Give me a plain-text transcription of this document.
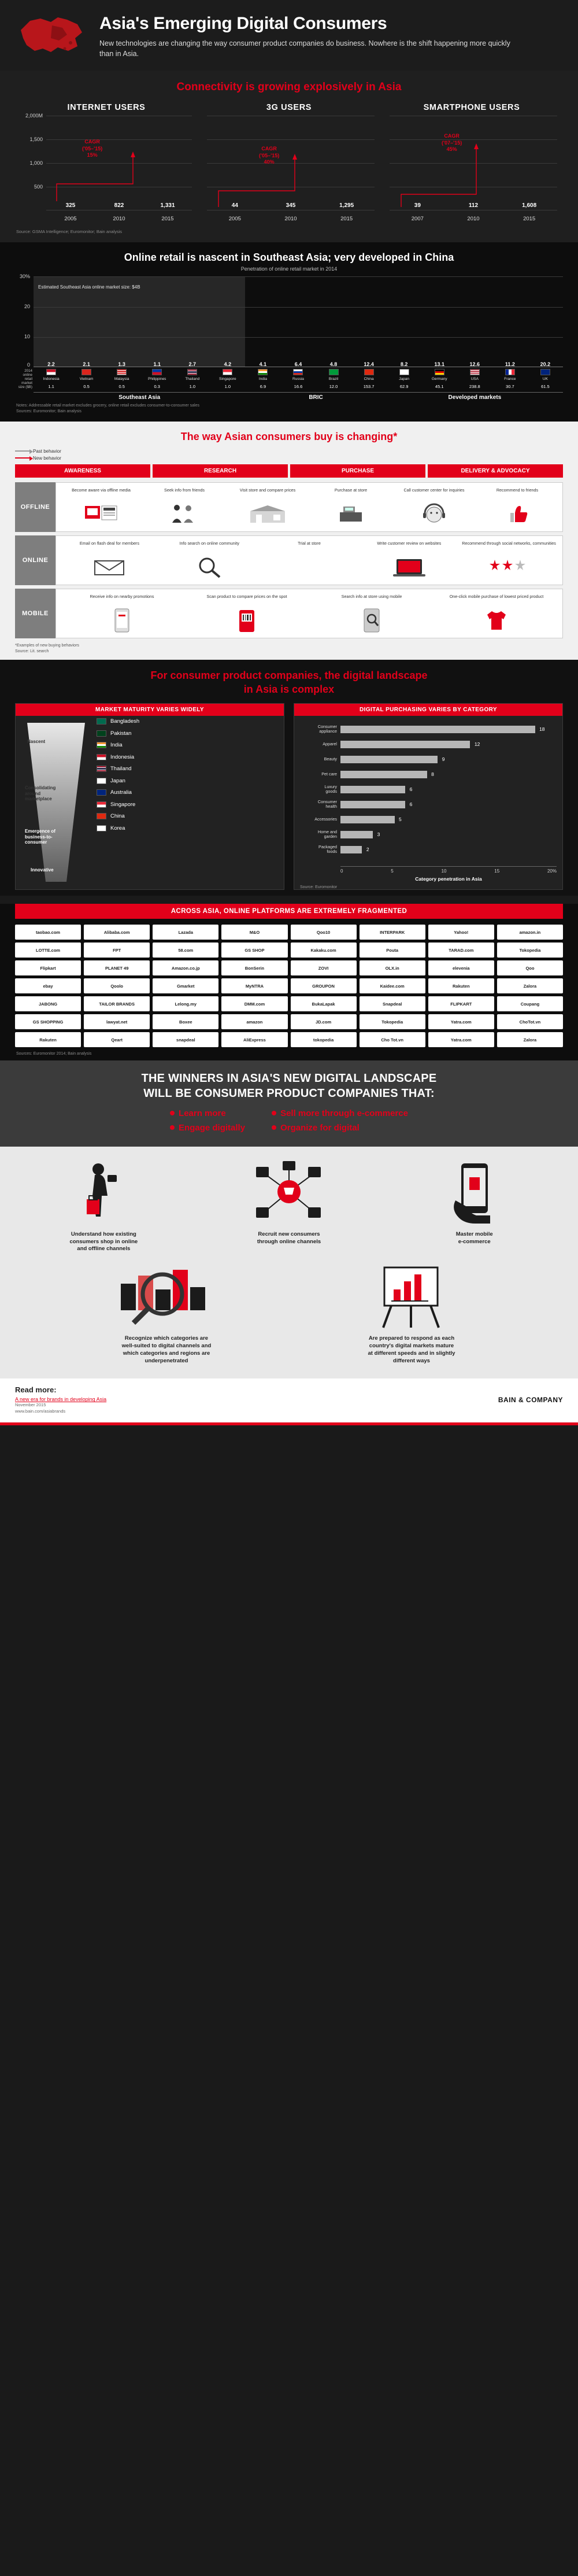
Asia's Emerging Digital Consumers
New technologies are changing the way consumer product companies do business. Nowhere is the shift happening more quickly than in Asia.
Connectivity is growing explosively in Asia
INTERNET USERS
2,000M
1,500
1,000
500
325	822	1,331
CAGR
('05–'15)
15%
2005	2010	2015
3G USERS
44	345	1,295
CAGR
('05–'15)
40%
2005	2010	2015
SMARTPHONE USERS
39	112	1,608
CAGR
('07–'15)
45%
2007	2010	2015
Source: GSMA Intelligence; Euromonitor; Bain analysis
Online retail is nascent in Southeast Asia; very developed in China
Penetration of online retail market in 2014
30%
20
10
0
Estimated Southeast Asia online market size: $4B
2.2	2.1	1.3	1.1	2.7	4.2	4.1	6.4	4.8	12.4	8.2	13.1	12.6	11.2	20.2
Indonesia	Vietnam	Malaysia	Philippines	Thailand	Singapore	India	Russia	Brazil	China	Japan	Germany	USA	France	UK
2014 online
retail market
size ($B)	1.1	0.5	0.5	0.3	1.0	1.0	6.9	16.6	12.0	153.7	62.9	45.1	238.8	30.7	61.5
Southeast Asia	BRIC	Developed markets
Notes: Addressable retail market excludes grocery, online retail excludes consumer-to-consumer sales
Sources: Euromonitor; Bain analysis
The way Asian consumers buy is changing*
Past behavior
New behavior
AWARENESS	RESEARCH	PURCHASE	DELIVERY & ADVOCACY
OFFLINE
Become aware via offline media	Seek info from friends	Visit store and compare prices	Purchase at store	Call customer center for inquiries	Recommend to friends
ONLINE
Email on flash deal for members	Info search on online community	Trial at store	Write customer review on websites	Recommend through social networks, communities
MOBILE
Receive info on nearby promotions	Scan product to compare prices on the spot	Search info at store using mobile	One-click mobile purchase of lowest priced product
*Examples of new buying behaviors
Source: Lit. search
For consumer product companies, the digital landscape
in Asia is complex
MARKET MATURITY VARIES WIDELY
Nascent
Consolidating
around
marketplace
Emergence of
business-to-
consumer
Innovative
Bangladesh
Pakistan
India
Indonesia
Thailand
Japan
Australia
Singapore
China
Korea
DIGITAL PURCHASING VARIES BY CATEGORY
Consumer
appliance	18
Apparel	12
Beauty	9
Pet care	8
Luxury
goods	6
Consumer
health	6
Accessories	5
Home and
garden	3
Packaged
foods	2
0	5	10	15	20%
Category penetration in Asia
Source: Euromonitor
ACROSS ASIA, ONLINE PLATFORMS ARE EXTREMELY FRAGMENTED
taobao.com	Alibaba.com	Lazada	M&O	Qoo10	INTERPARK	Yahoo!	amazon.in
LOTTE.com	FPT	58.com	GS SHOP	Kakaku.com	Pouta	TARAD.com	Tokopedia
Flipkart	PLANET 49	Amazon.co.jp	BonSerin	ZOVI	OLX.in	elevenia	Qoo
ebay	Qoolo	Gmarket	MyNTRA	GROUPON	Kaidee.com	Rakuten	Zalora
JABONG	TAILOR BRANDS	Lelong.my	DMM.com	BukaLapak	Snapdeal	FLIPKART	Coupang
GS SHOPPING	lawyat.net	Boxee	amazon	JD.com	Tokopedia	Yatra.com	ChoTot.vn
Rakuten	Qeart	snapdeal	AliExpress	tokopedia	Cho Tot.vn	Yatra.com	Zalora
Sources: Euromonitor 2014; Bain analysis
THE WINNERS IN ASIA'S NEW DIGITAL LANDSCAPE
WILL BE CONSUMER PRODUCT COMPANIES THAT:
Learn more
Engage digitally
Sell more through e-commerce
Organize for digital
Understand how existing
consumers shop in online
and offline channels
Recruit new consumers
through online channels
Master mobile
e-commerce
Recognize which categories are
well-suited to digital channels and
which categories and regions are
underpenetrated
Are prepared to respond as each
country's digital markets mature
at different speeds and in slightly
different ways
Read more:
A new era for brands in developing Asia
November 2015
www.bain.com/asiabrands
BAIN & COMPANY
